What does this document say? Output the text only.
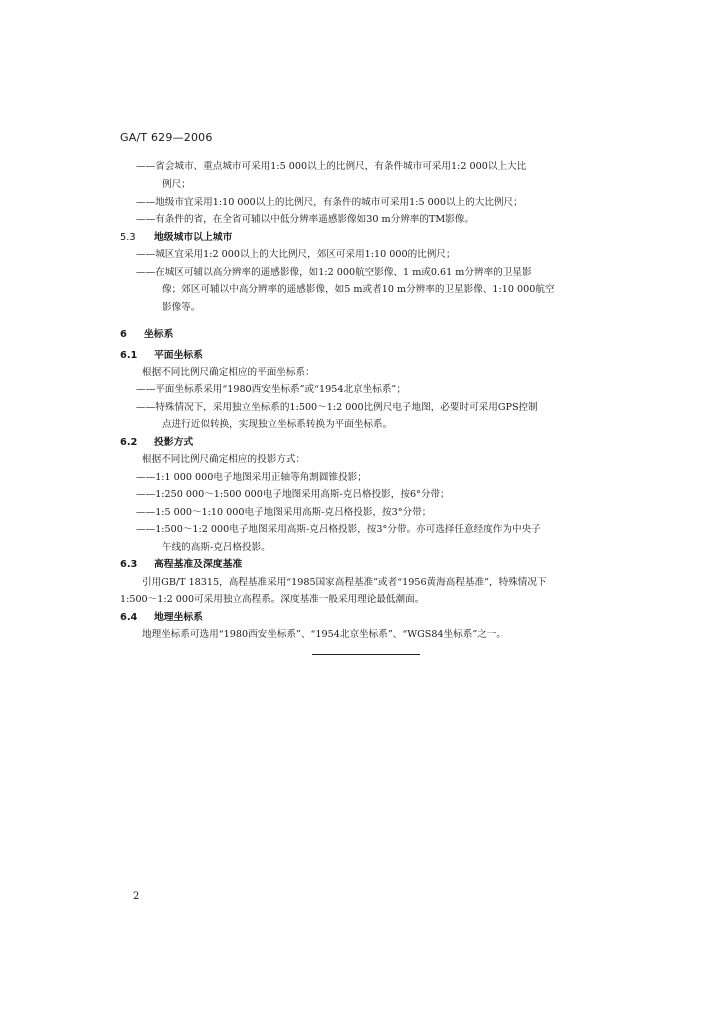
GA/T 629—2006
——省会城市、重点城市可采用1:5 000以上的比例尺，有条件城市可采用1:2 000以上大比
例尺；
——地级市宜采用1:10 000以上的比例尺，有条件的城市可采用1:5 000以上的大比例尺；
——有条件的省，在全省可辅以中低分辨率遥感影像如30 m分辨率的TM影像。
5.3 地级城市以上城市
——城区宜采用1:2 000以上的大比例尺，郊区可采用1:10 000的比例尺；
——在城区可辅以高分辨率的遥感影像，如1:2 000航空影像、1 m或0.61 m分辨率的卫星影
像；郊区可辅以中高分辨率的遥感影像，如5 m或者10 m分辨率的卫星影像、1:10 000航空
影像等。
6 坐标系
6.1 平面坐标系
根据不同比例尺确定相应的平面坐标系：
——平面坐标系采用“1980西安坐标系”或“1954北京坐标系”；
——特殊情况下，采用独立坐标系的1:500～1:2 000比例尺电子地图，必要时可采用GPS控制
点进行近似转换，实现独立坐标系转换为平面坐标系。
6.2 投影方式
根据不同比例尺确定相应的投影方式：
——1:1 000 000电子地图采用正轴等角割圆锥投影；
——1:250 000～1:500 000电子地图采用高斯-克吕格投影，按6°分带；
——1:5 000～1:10 000电子地图采用高斯-克吕格投影，按3°分带；
——1:500～1:2 000电子地图采用高斯-克吕格投影，按3°分带。亦可选择任意经度作为中央子
午线的高斯-克吕格投影。
6.3 高程基准及深度基准
引用GB/T 18315，高程基准采用“1985国家高程基准”或者“1956黄海高程基准”，特殊情况下
1:500～1:2 000可采用独立高程系。深度基准一般采用理论最低潮面。
6.4 地理坐标系
地理坐标系可选用“1980西安坐标系”、“1954北京坐标系”、“WGS84坐标系”之一。
2
